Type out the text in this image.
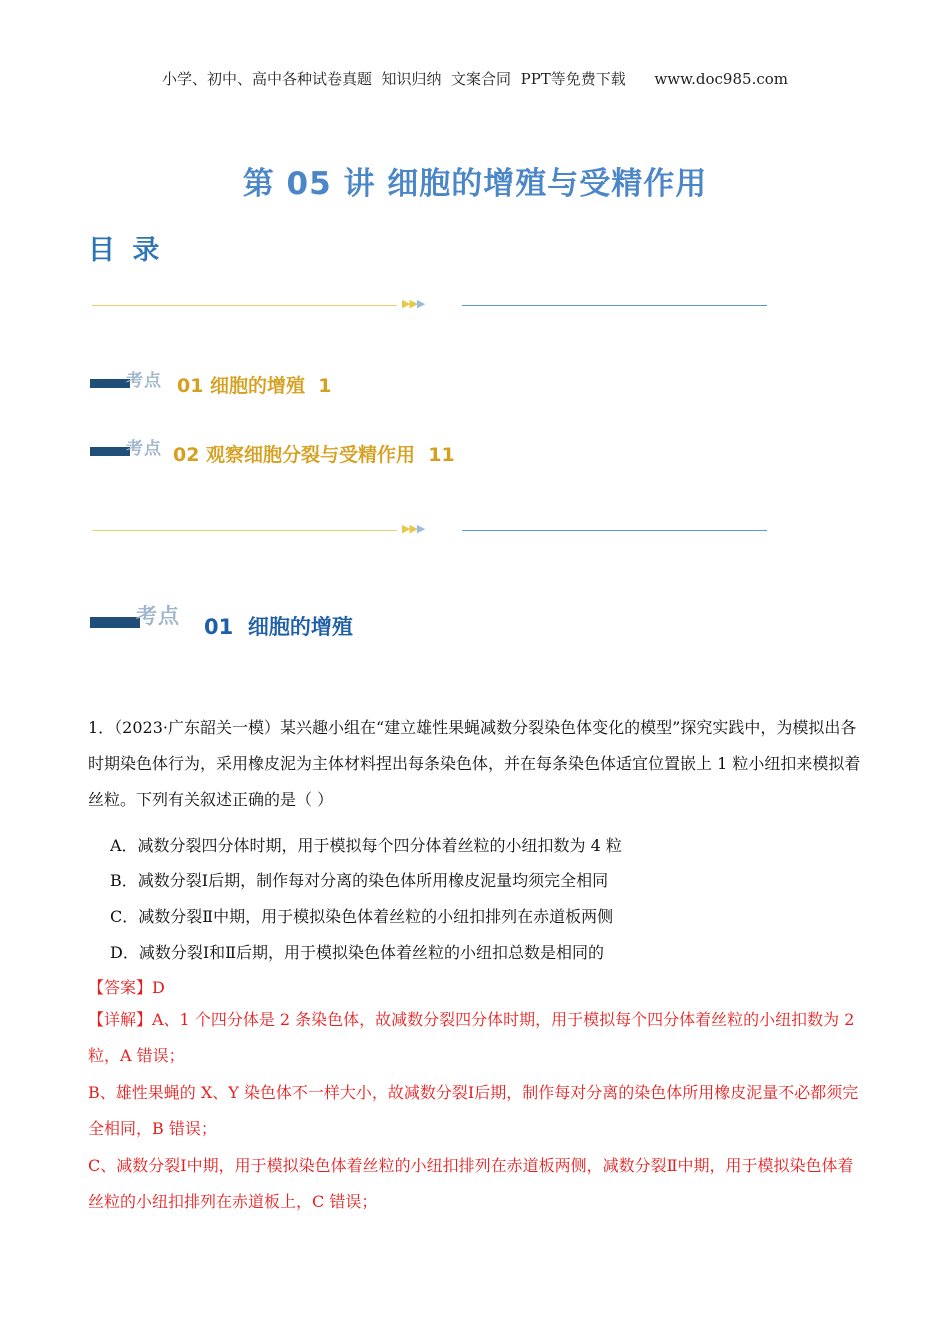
小学、初中、高中各种试卷真题  知识归纳  文案合同  PPT等免费下载      www.doc985.com
第 05 讲 细胞的增殖与受精作用
目 录
▶▶▶
考点 01 细胞的增殖  1
考点 02 观察细胞分裂与受精作用  11
▶▶▶
考点 01  细胞的增殖
1．（2023·广东韶关一模）某兴趣小组在“建立雄性果蝇减数分裂染色体变化的模型”探究实践中，为模拟出各时期染色体行为，采用橡皮泥为主体材料捏出每条染色体，并在每条染色体适宜位置嵌上 1 粒小纽扣来模拟着丝粒。下列有关叙述正确的是（ ）
A．减数分裂四分体时期，用于模拟每个四分体着丝粒的小纽扣数为 4 粒
B．减数分裂Ⅰ后期，制作每对分离的染色体所用橡皮泥量均须完全相同
C．减数分裂Ⅱ中期，用于模拟染色体着丝粒的小纽扣排列在赤道板两侧
D．减数分裂Ⅰ和Ⅱ后期，用于模拟染色体着丝粒的小纽扣总数是相同的
【答案】D
【详解】A、1 个四分体是 2 条染色体，故减数分裂四分体时期，用于模拟每个四分体着丝粒的小纽扣数为 2 粒，A 错误；
B、雄性果蝇的 X、Y 染色体不一样大小，故减数分裂Ⅰ后期，制作每对分离的染色体所用橡皮泥量不必都须完全相同，B 错误；
C、减数分裂Ⅰ中期，用于模拟染色体着丝粒的小纽扣排列在赤道板两侧，减数分裂Ⅱ中期，用于模拟染色体着丝粒的小纽扣排列在赤道板上，C 错误；
